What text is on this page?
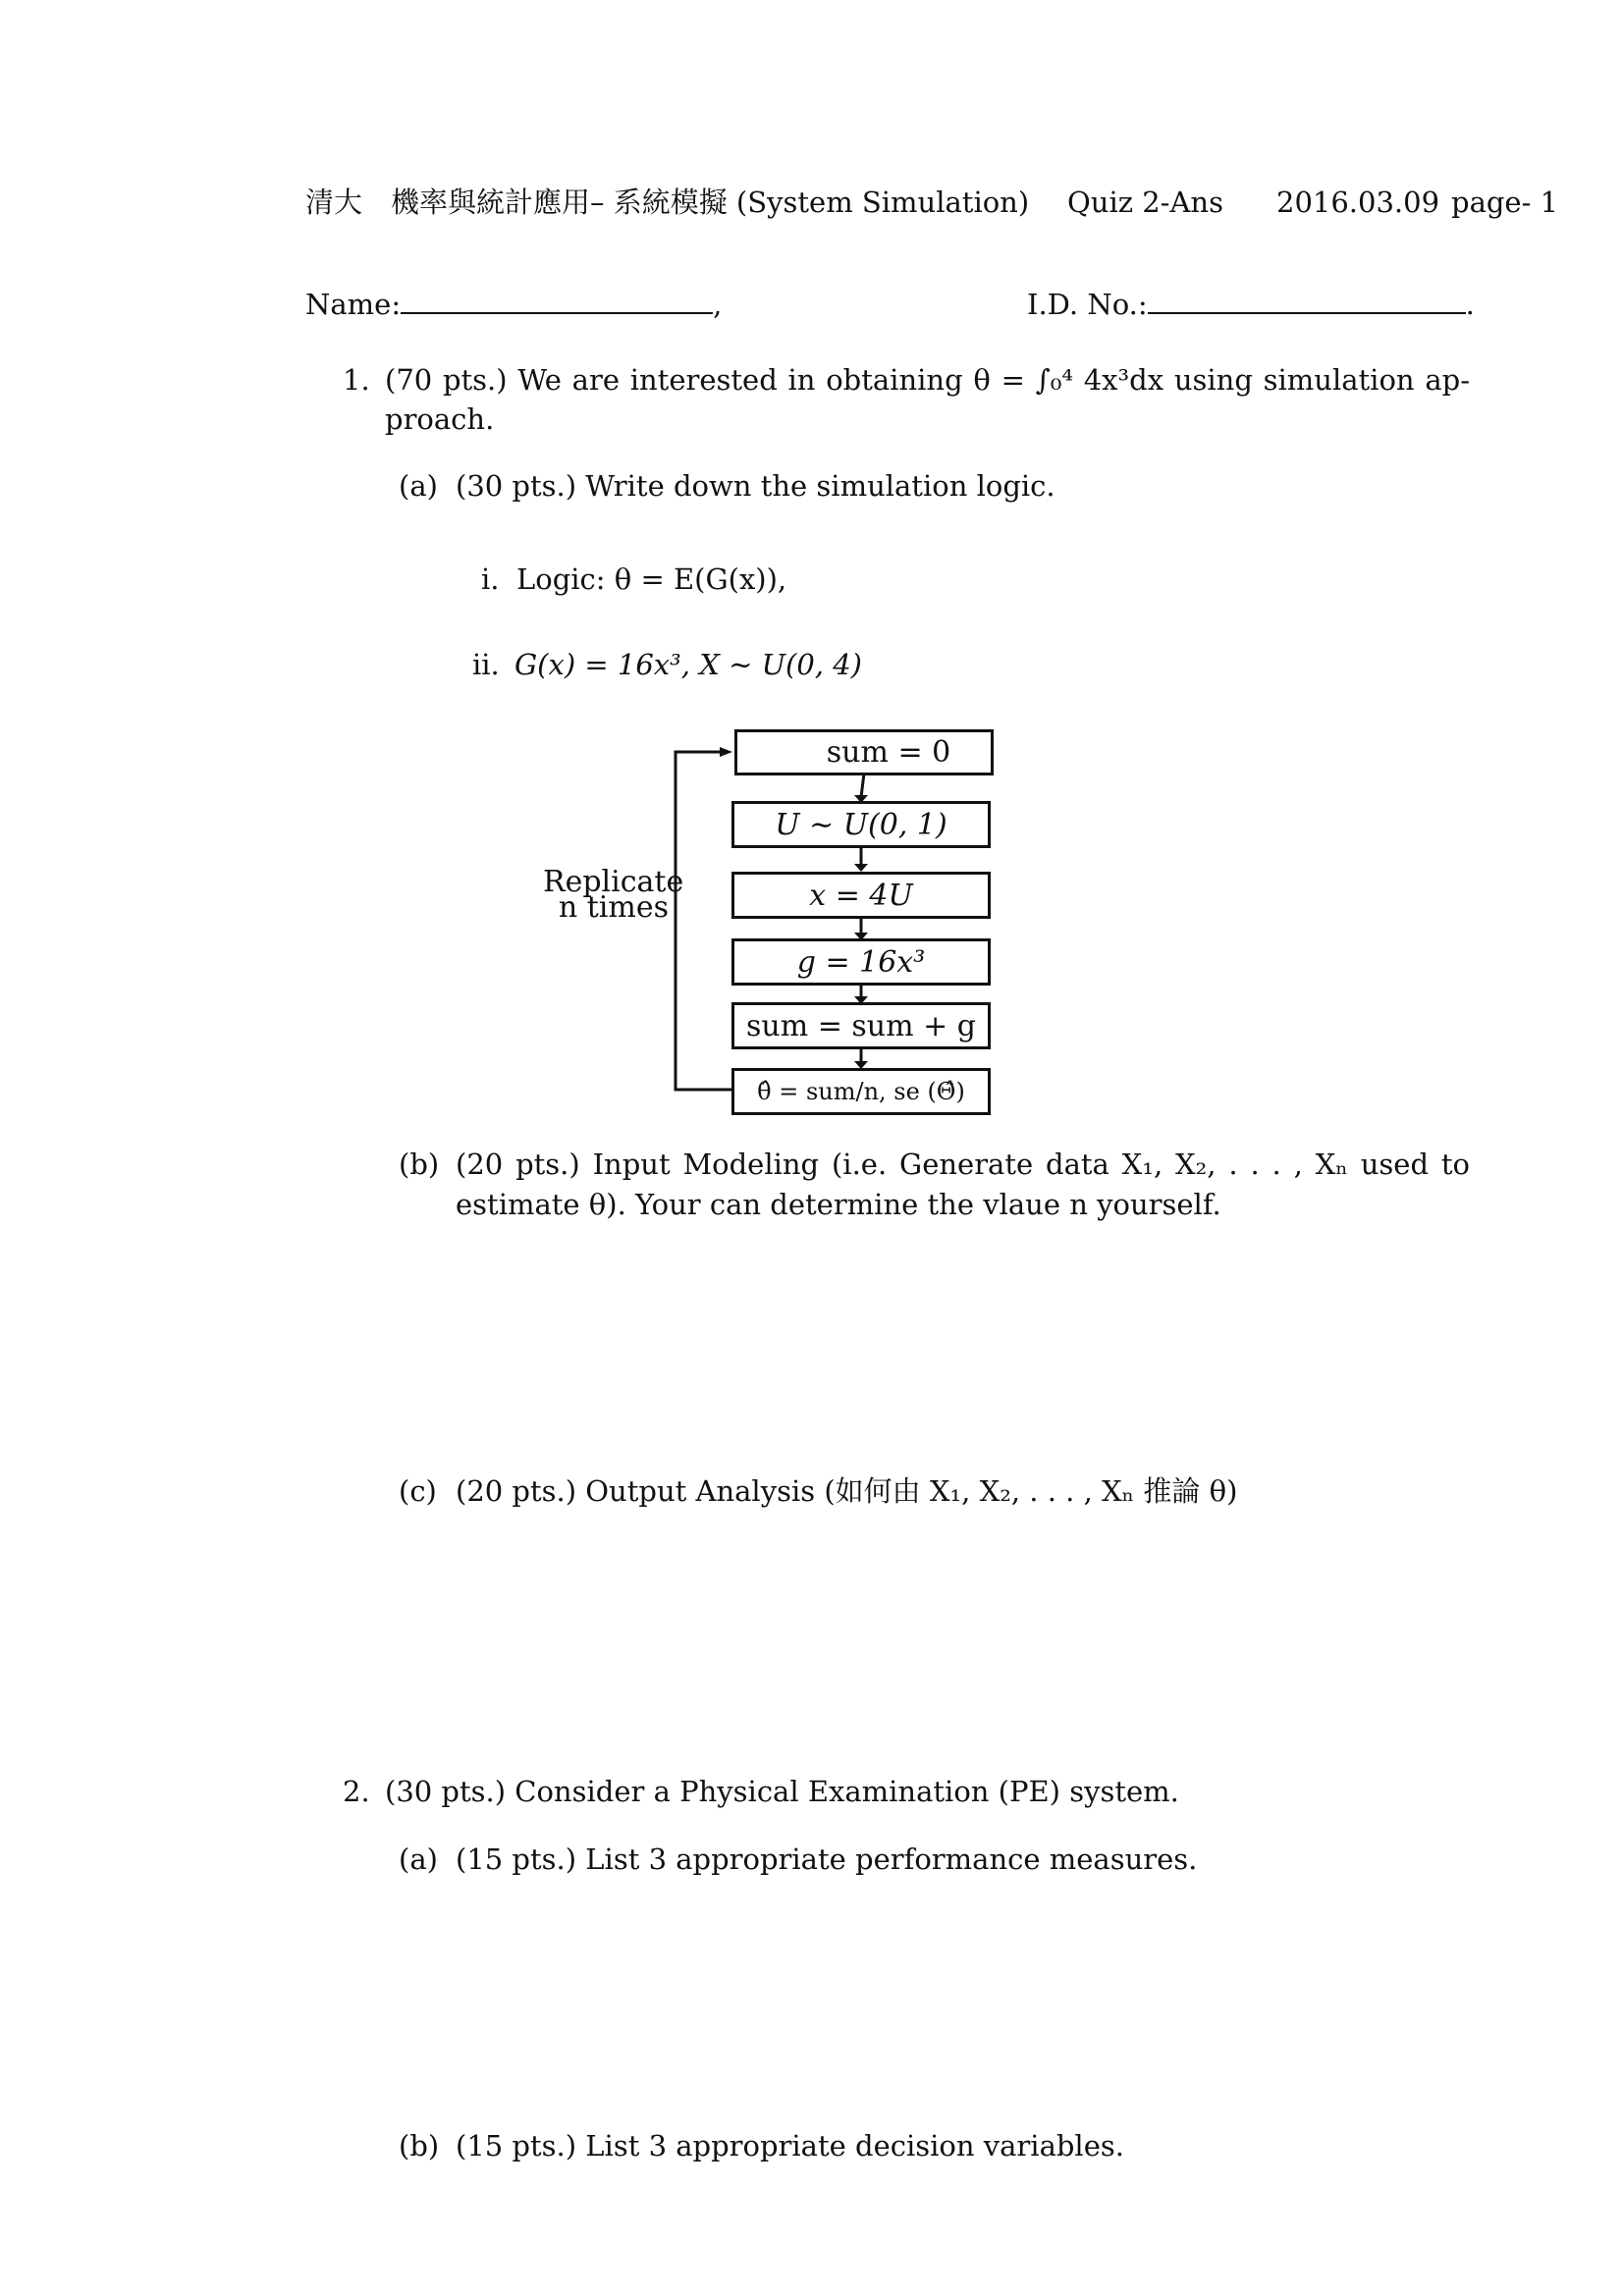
清大　機率與統計應用– 系統模擬 (System Simulation) Quiz 2-Ans 2016.03.09 page- 1
Name:	,	I.D. No.:	.
1. (70 pts.) We are interested in obtaining θ = ∫₀⁴ 4x³dx using simulation ap-
proach.
(a) (30 pts.) Write down the simulation logic.
i. Logic: θ = E(G(x)),
ii. G(x) = 16x³, X ∼ U(0, 4)
Replicate
n times
sum = 0
U ∼ U(0, 1)
x = 4U
g = 16x³
sum = sum + g
θ̂ = sum/n, se (Θ̂)
(b) (20 pts.) Input Modeling (i.e. Generate data X₁, X₂, . . . , Xₙ used to
estimate θ). Your can determine the vlaue n yourself.
(c) (20 pts.) Output Analysis (如何由 X₁, X₂, . . . , Xₙ 推論 θ)
2. (30 pts.) Consider a Physical Examination (PE) system.
(a) (15 pts.) List 3 appropriate performance measures.
(b) (15 pts.) List 3 appropriate decision variables.
